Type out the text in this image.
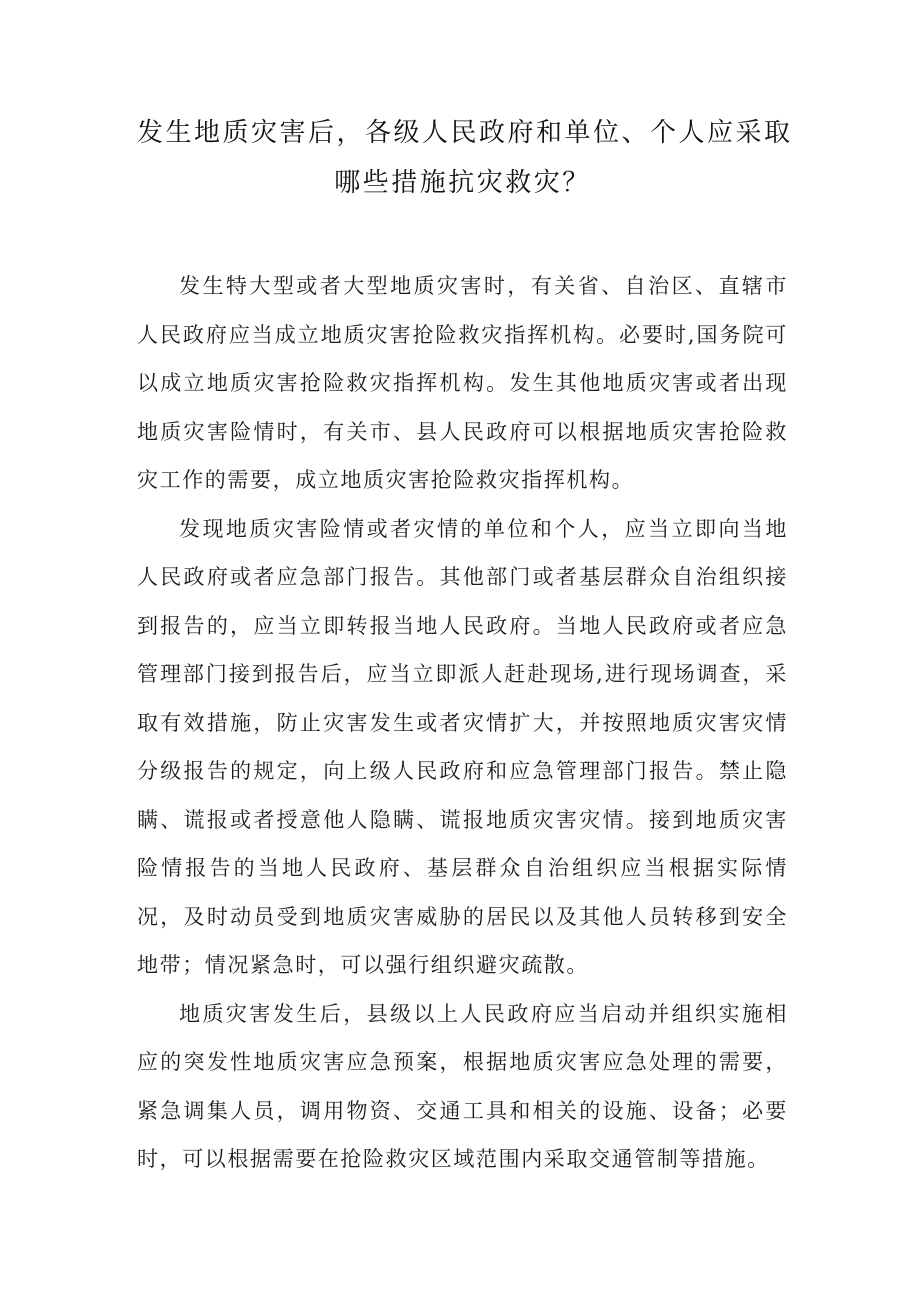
发生地质灾害后，各级人民政府和单位、个人应采取
哪些措施抗灾救灾？

发生特大型或者大型地质灾害时，有关省、自治区、直辖市人民政府应当成立地质灾害抢险救灾指挥机构。必要时,国务院可以成立地质灾害抢险救灾指挥机构。发生其他地质灾害或者出现地质灾害险情时，有关市、县人民政府可以根据地质灾害抢险救灾工作的需要，成立地质灾害抢险救灾指挥机构。

发现地质灾害险情或者灾情的单位和个人，应当立即向当地人民政府或者应急部门报告。其他部门或者基层群众自治组织接到报告的，应当立即转报当地人民政府。当地人民政府或者应急管理部门接到报告后，应当立即派人赶赴现场,进行现场调查，采取有效措施，防止灾害发生或者灾情扩大，并按照地质灾害灾情分级报告的规定，向上级人民政府和应急管理部门报告。禁止隐瞒、谎报或者授意他人隐瞒、谎报地质灾害灾情。接到地质灾害险情报告的当地人民政府、基层群众自治组织应当根据实际情况，及时动员受到地质灾害威胁的居民以及其他人员转移到安全地带；情况紧急时，可以强行组织避灾疏散。

地质灾害发生后，县级以上人民政府应当启动并组织实施相应的突发性地质灾害应急预案，根据地质灾害应急处理的需要，紧急调集人员，调用物资、交通工具和相关的设施、设备；必要时，可以根据需要在抢险救灾区域范围内采取交通管制等措施。
